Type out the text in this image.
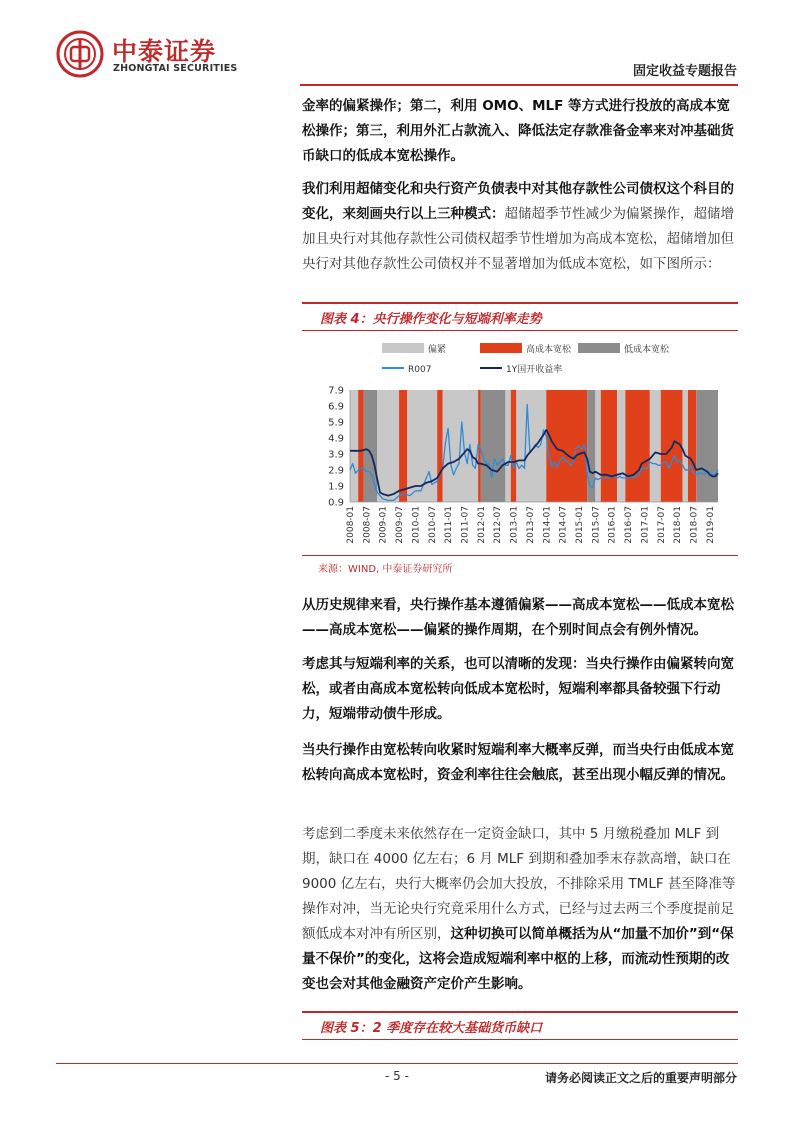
中泰证券
ZHONGTAI SECURITIES	固定收益专题报告
金率的偏紧操作；第二，利用 OMO、MLF 等方式进行投放的高成本宽松操作；第三，利用外汇占款流入、降低法定存款准备金率来对冲基础货币缺口的低成本宽松操作。
我们利用超储变化和央行资产负债表中对其他存款性公司债权这个科目的变化，来刻画央行以上三种模式：超储超季节性减少为偏紧操作，超储增加且央行对其他存款性公司债权超季节性增加为高成本宽松，超储增加但央行对其他存款性公司债权并不显著增加为低成本宽松，如下图所示：
图表 4：央行操作变化与短端利率走势
偏紧	高成本宽松	低成本宽松
R007	1Y国开收益率
7.9
6.9
5.9
4.9
3.9
2.9
1.9
0.9
2008-01 2008-07 2009-01 2009-07 2010-01 2010-07 2011-01 2011-07 2012-01 2012-07 2013-01 2013-07 2014-01 2014-07 2015-01 2015-07 2016-01 2016-07 2017-01 2017-07 2018-01 2018-07 2019-01
来源：WIND, 中泰证券研究所
从历史规律来看，央行操作基本遵循偏紧——高成本宽松——低成本宽松——高成本宽松——偏紧的操作周期，在个别时间点会有例外情况。
考虑其与短端利率的关系，也可以清晰的发现：当央行操作由偏紧转向宽松，或者由高成本宽松转向低成本宽松时，短端利率都具备较强下行动力，短端带动债牛形成。
当央行操作由宽松转向收紧时短端利率大概率反弹，而当央行由低成本宽松转向高成本宽松时，资金利率往往会触底，甚至出现小幅反弹的情况。
考虑到二季度未来依然存在一定资金缺口，其中 5 月缴税叠加 MLF 到期，缺口在 4000 亿左右；6 月 MLF 到期和叠加季末存款高增，缺口在 9000 亿左右，央行大概率仍会加大投放，不排除采用 TMLF 甚至降准等操作对冲，当无论央行究竟采用什么方式，已经与过去两三个季度提前足额低成本对冲有所区别，这种切换可以简单概括为从“加量不加价”到“保量不保价”的变化，这将会造成短端利率中枢的上移，而流动性预期的改变也会对其他金融资产定价产生影响。
图表 5：2 季度存在较大基础货币缺口
- 5 -	请务必阅读正文之后的重要声明部分
